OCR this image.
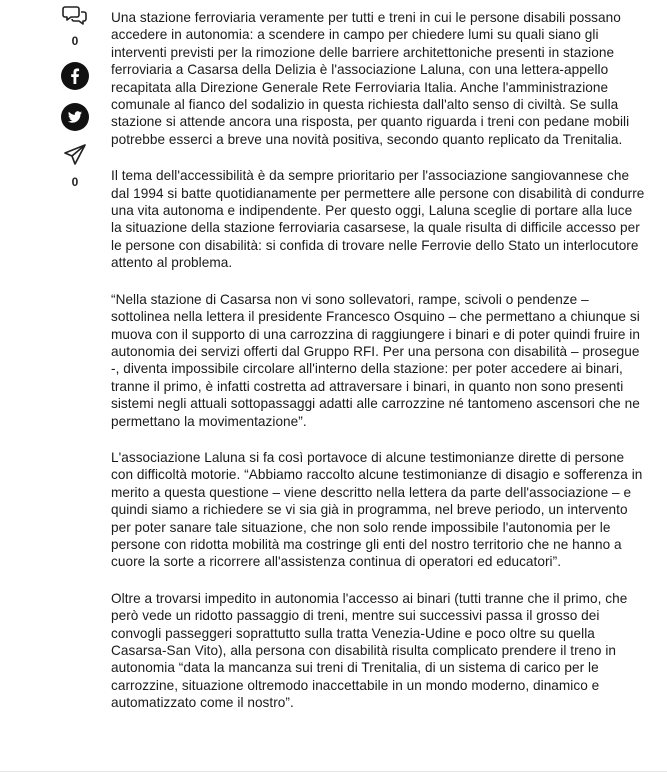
0
0

Una stazione ferroviaria veramente per tutti e treni in cui le persone disabili possano accedere in autonomia: a scendere in campo per chiedere lumi su quali siano gli interventi previsti per la rimozione delle barriere architettoniche presenti in stazione ferroviaria a Casarsa della Delizia è l'associazione Laluna, con una lettera-appello recapitata alla Direzione Generale Rete Ferroviaria Italia. Anche l'amministrazione comunale al fianco del sodalizio in questa richiesta dall'alto senso di civiltà. Se sulla stazione si attende ancora una risposta, per quanto riguarda i treni con pedane mobili potrebbe esserci a breve una novità positiva, secondo quanto replicato da Trenitalia.

Il tema dell'accessibilità è da sempre prioritario per l'associazione sangiovannese che dal 1994 si batte quotidianamente per permettere alle persone con disabilità di condurre una vita autonoma e indipendente. Per questo oggi, Laluna sceglie di portare alla luce la situazione della stazione ferroviaria casarsese, la quale risulta di difficile accesso per le persone con disabilità: si confida di trovare nelle Ferrovie dello Stato un interlocutore attento al problema.

“Nella stazione di Casarsa non vi sono sollevatori, rampe, scivoli o pendenze – sottolinea nella lettera il presidente Francesco Osquino – che permettano a chiunque si muova con il supporto di una carrozzina di raggiungere i binari e di poter quindi fruire in autonomia dei servizi offerti dal Gruppo RFI. Per una persona con disabilità – prosegue -, diventa impossibile circolare all'interno della stazione: per poter accedere ai binari, tranne il primo, è infatti costretta ad attraversare i binari, in quanto non sono presenti sistemi negli attuali sottopassaggi adatti alle carrozzine né tantomeno ascensori che ne permettano la movimentazione”.

L'associazione Laluna si fa così portavoce di alcune testimonianze dirette di persone con difficoltà motorie. “Abbiamo raccolto alcune testimonianze di disagio e sofferenza in merito a questa questione – viene descritto nella lettera da parte dell'associazione – e quindi siamo a richiedere se vi sia già in programma, nel breve periodo, un intervento per poter sanare tale situazione, che non solo rende impossibile l'autonomia per le persone con ridotta mobilità ma costringe gli enti del nostro territorio che ne hanno a cuore la sorte a ricorrere all'assistenza continua di operatori ed educatori”.

Oltre a trovarsi impedito in autonomia l'accesso ai binari (tutti tranne che il primo, che però vede un ridotto passaggio di treni, mentre sui successivi passa il grosso dei convogli passeggeri soprattutto sulla tratta Venezia-Udine e poco oltre su quella Casarsa-San Vito), alla persona con disabilità risulta complicato prendere il treno in autonomia “data la mancanza sui treni di Trenitalia, di un sistema di carico per le carrozzine, situazione oltremodo inaccettabile in un mondo moderno, dinamico e automatizzato come il nostro”.
